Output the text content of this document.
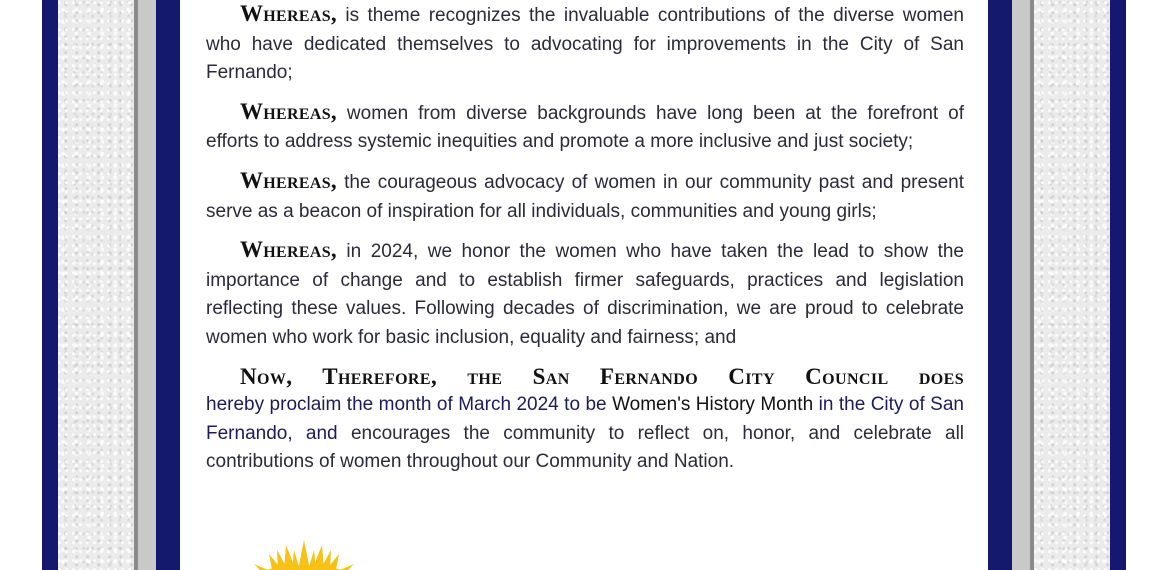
Whereas, is theme recognizes the invaluable contributions of the diverse women who have dedicated themselves to advocating for improvements in the City of San Fernando;

Whereas, women from diverse backgrounds have long been at the forefront of efforts to address systemic inequities and promote a more inclusive and just society;

Whereas, the courageous advocacy of women in our community past and present serve as a beacon of inspiration for all individuals, communities and young girls;

Whereas, in 2024, we honor the women who have taken the lead to show the importance of change and to establish firmer safeguards, practices and legislation reflecting these values. Following decades of discrimination, we are proud to celebrate women who work for basic inclusion, equality and fairness; and

Now, Therefore, the San Fernando City Council does

hereby proclaim the month of March 2024 to be Women's History Month in the City of San Fernando, and encourages the community to reflect on, honor, and celebrate all contributions of women throughout our Community and Nation.
